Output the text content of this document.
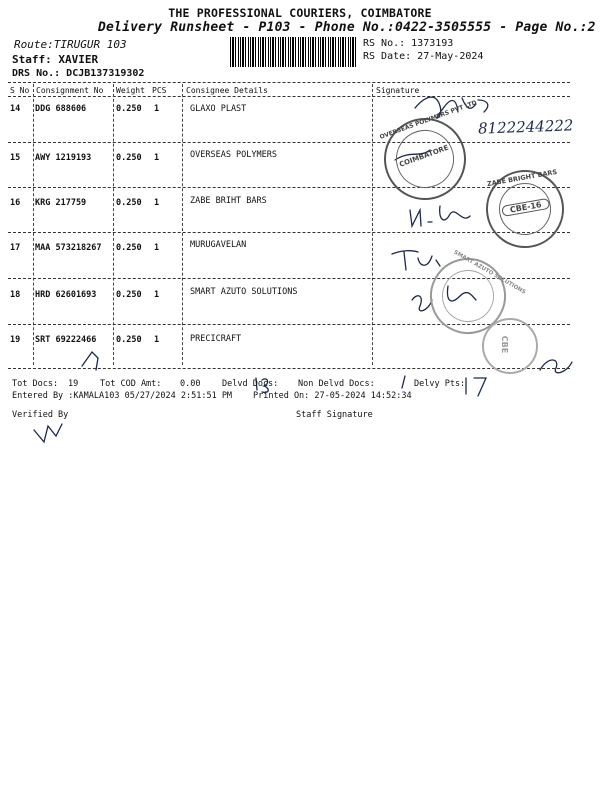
THE PROFESSIONAL COURIERS, COIMBATORE
Delivery Runsheet - P103 - Phone No.:0422-3505555 - Page No.:2
Route:TIRUGUR 103
Staff: XAVIER
DRS No.: DCJB137319302
RS No.: 1373193
RS Date: 27-May-2024
S No Consignment No Weight PCS Consignee Details	Signature
14 DDG 688606	0.250 1	GLAXO PLAST
15 AWY 1219193	0.250 1	OVERSEAS POLYMERS
16 KRG 217759	0.250 1	ZABE BRIHT BARS
17 MAA 573218267 0.250 1	MURUGAVELAN
18 HRD 62601693 0.250 1	SMART AZUTO SOLUTIONS
19 SRT 69222466 0.250 1	PRECICRAFT
8122244222
OVERSEAS POLYMERS PVT LTD
COIMBATORE
ZABE BRIGHT BARS
CBE-16
SMART AZUTO SOLUTIONS
CBE
Tot Docs: 19	Tot COD Amt: 0.00	Delvd Docs: Non Delvd Docs:	Delvy Pts:
Entered By :KAMALA103 05/27/2024 2:51:51 PM Printed On: 27-05-2024 14:52:34
Verified By	Staff Signature
